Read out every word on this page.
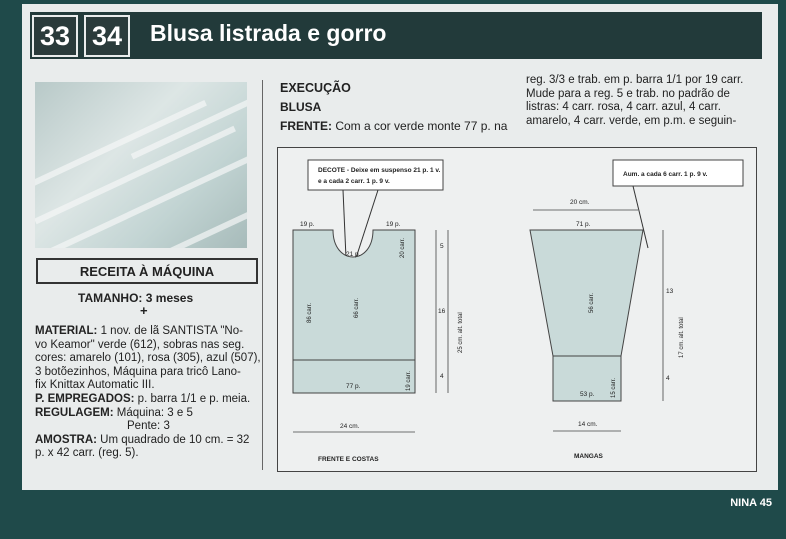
33 34	Blusa listrada e gorro
RECEITA À MÁQUINA
TAMANHO: 3 meses
+
MATERIAL: 1 nov. de lã SANTISTA "No-
vo Keamor" verde (612), sobras nas seg.
cores: amarelo (101), rosa (305), azul (507),
3 botõezinhos, Máquina para tricô Lano-
fix Knittax Automatic III.
P. EMPREGADOS: p. barra 1/1 e p. meia.
REGULAGEM: Máquina: 3 e 5
Pente: 3
AMOSTRA: Um quadrado de 10 cm. = 32
p. x 42 carr. (reg. 5).
EXECUÇÃO
BLUSA
FRENTE: Com a cor verde monte 77 p. na
reg. 3/3 e trab. em p. barra 1/1 por 19 carr.
Mude para a reg. 5 e trab. no padrão de
listras: 4 carr. rosa, 4 carr. azul, 4 carr.
amarelo, 4 carr. verde, em p.m. e seguin-
DECOTE - Deixe em suspenso 21 p. 1 v.
e a cada 2 carr. 1 p. 9 v.
19 p.	19 p.
21 p.
77 p.
20 carr.
86 carr.	66 carr.
19 carr.
5
16
4
25 cm. alt. total
24 cm.
FRENTE E COSTAS
Aum. a cada 6 carr. 1 p. 9 v.
20 cm.
71 p.
56 carr.
15 carr.
53 p.
13
4
17 cm. alt. total
14 cm.
MANGAS
NINA 45
